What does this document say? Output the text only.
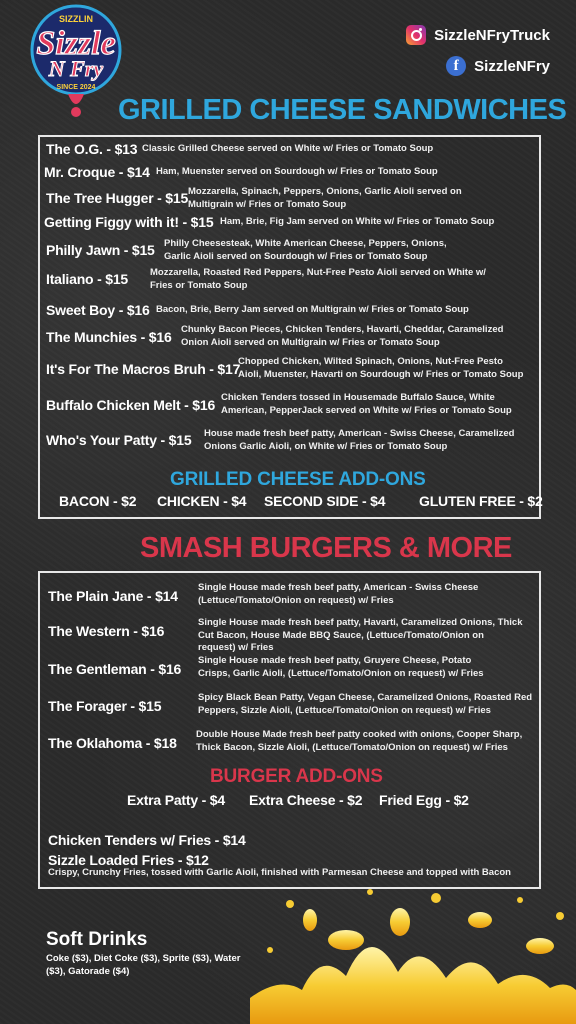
SIZZLIN
Sizzle
N Fry
SINCE 2024
SizzleNFryTruck
f	SizzleNFry
GRILLED CHEESE SANDWICHES
The O.G. - $13 Classic Grilled Cheese served on White w/ Fries or Tomato Soup
Mr. Croque - $14 Ham, Muenster served on Sourdough w/ Fries or Tomato Soup
The Tree Hugger - $15 Mozzarella, Spinach, Peppers, Onions, Garlic Aioli served on Multigrain w/ Fries or Tomato Soup
Getting Figgy with it! - $15 Ham, Brie, Fig Jam served on White w/ Fries or Tomato Soup
Philly Jawn - $15 Philly Cheesesteak, White American Cheese, Peppers, Onions, Garlic Aioli served on Sourdough w/ Fries or Tomato Soup
Italiano - $15	Mozzarella, Roasted Red Peppers, Nut-Free Pesto Aioli served on White w/ Fries or Tomato Soup
Sweet Boy - $16 Bacon, Brie, Berry Jam served on Multigrain w/ Fries or Tomato Soup
The Munchies - $16 Chunky Bacon Pieces, Chicken Tenders, Havarti, Cheddar, Caramelized Onion Aioli served on Multigrain w/ Fries or Tomato Soup
It's For The Macros Bruh - $17
Chopped Chicken, Wilted Spinach, Onions, Nut-Free Pesto Aioli, Muenster, Havarti on Sourdough w/ Fries or Tomato Soup
Buffalo Chicken Melt - $16 Chicken Tenders tossed in Housemade Buffalo Sauce, White American, PepperJack served on White w/ Fries or Tomato Soup
Who's Your Patty - $15	House made fresh beef patty, American - Swiss Cheese, Caramelized Onions Garlic Aioli, on White w/ Fries or Tomato Soup
GRILLED CHEESE ADD-ONS
BACON - $2 CHICKEN - $4 SECOND SIDE - $4 GLUTEN FREE - $2
SMASH BURGERS & MORE
The Plain Jane - $14
Single House made fresh beef patty, American - Swiss Cheese (Lettuce/Tomato/Onion on request) w/ Fries
The Western - $16
Single House made fresh beef patty, Havarti, Caramelized Onions, Thick Cut Bacon, House Made BBQ Sauce, (Lettuce/Tomato/Onion on request) w/ Fries
The Gentleman - $16
Single House made fresh beef patty, Gruyere Cheese, Potato Crisps, Garlic Aioli, (Lettuce/Tomato/Onion on request) w/ Fries
The Forager - $15
Spicy Black Bean Patty, Vegan Cheese, Caramelized Onions, Roasted Red Peppers, Sizzle Aioli, (Lettuce/Tomato/Onion on request) w/ Fries
The Oklahoma - $18
Double House Made fresh beef patty cooked with onions, Cooper Sharp, Thick Bacon, Sizzle Aioli, (Lettuce/Tomato/Onion on request) w/ Fries
BURGER ADD-ONS
Extra Patty - $4 Extra Cheese - $2 Fried Egg - $2
Chicken Tenders w/ Fries - $14
Sizzle Loaded Fries - $12
Crispy, Crunchy Fries, tossed with Garlic Aioli, finished with Parmesan Cheese and topped with Bacon
Soft Drinks
Coke ($3), Diet Coke ($3), Sprite ($3), Water ($3), Gatorade ($4)
